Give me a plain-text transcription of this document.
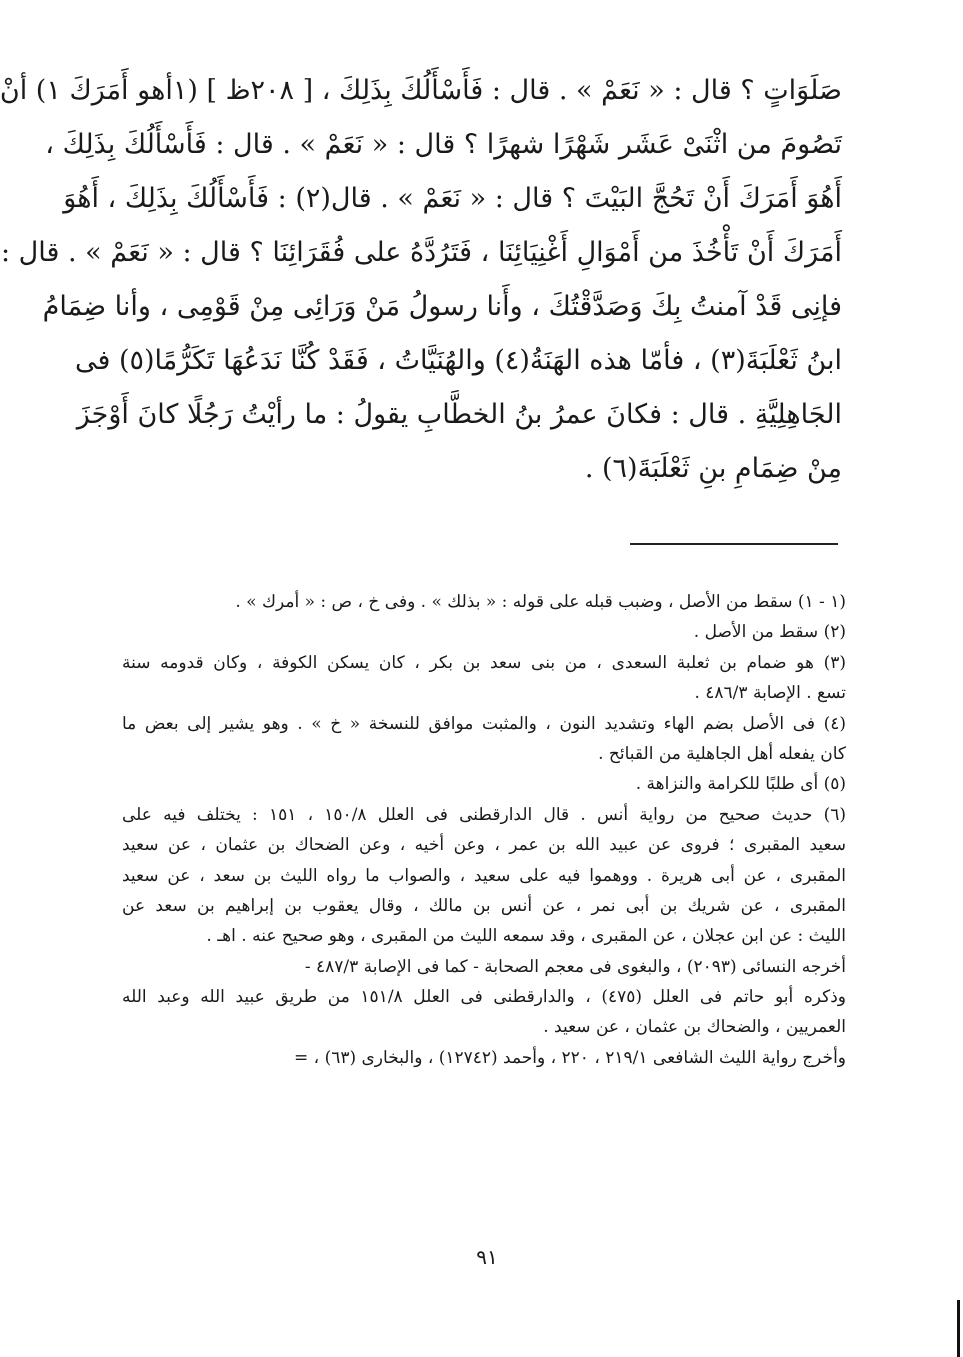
صَلَوَاتٍ ؟ قال : « نَعَمْ » . قال : فَأَسْأَلُكَ بِذَلِكَ ، [ ٢٠٨ظ ] (١أهو أَمَرَكَ ١) أنْ
تَصُومَ من اثْنَىْ عَشَر شَهْرًا شهرًا ؟ قال : « نَعَمْ » . قال : فَأَسْأَلُكَ بِذَلِكَ ،
أَهُوَ أَمَرَكَ أَنْ تَحُجَّ البَيْتَ ؟ قال : « نَعَمْ » . قال(٢) : فَأَسْأَلُكَ بِذَلِكَ ، أَهُوَ
أَمَرَكَ أَنْ تَأْخُذَ من أَمْوَالِ أَغْنِيَائِنَا ، فَتَرُدَّهُ على فُقَرَائِنَا ؟ قال : « نَعَمْ » . قال :
فإنِى قَدْ آمنتُ بِكَ وَصَدَّقْتُكَ ، وأَنا رسولُ مَنْ وَرَائِى مِنْ قَوْمِى ، وأنا ضِمَامُ
ابنُ ثَعْلَبَةَ(٣) ، فأمّا هذه الهَنَةُ(٤) والهُنَيَّاتُ ، فَقَدْ كُنَّا نَدَعُهَا تَكَرُّمًا(٥) فى
الجَاهِلِيَّةِ . قال : فكانَ عمرُ بنُ الخطَّابِ يقولُ : ما رأيْتُ رَجُلًا كانَ أَوْجَزَ
مِنْ ضِمَامِ بنِ ثَعْلَبَةَ(٦) .
(١ - ١) سقط من الأصل ، وضبب قبله على قوله : « بذلك » . وفى خ ، ص : « أمرك » .
(٢) سقط من الأصل .
(٣) هو ضمام بن ثعلبة السعدى ، من بنى سعد بن بكر ، كان يسكن الكوفة ، وكان قدومه سنة
تسع . الإصابة ٤٨٦/٣ .
(٤) فى الأصل بضم الهاء وتشديد النون ، والمثبت موافق للنسخة « خ » . وهو يشير إلى بعض ما
كان يفعله أهل الجاهلية من القبائح .
(٥) أى طلبًا للكرامة والنزاهة .
(٦) حديث صحيح من رواية أنس . قال الدارقطنى فى العلل ١٥٠/٨ ، ١٥١ : يختلف فيه على
سعيد المقبرى ؛ فروى عن عبيد الله بن عمر ، وعن أخيه ، وعن الضحاك بن عثمان ، عن سعيد
المقبرى ، عن أبى هريرة . ووهموا فيه على سعيد ، والصواب ما رواه الليث بن سعد ، عن سعيد
المقبرى ، عن شريك بن أبى نمر ، عن أنس بن مالك ، وقال يعقوب بن إبراهيم بن سعد عن
الليث : عن ابن عجلان ، عن المقبرى ، وقد سمعه الليث من المقبرى ، وهو صحيح عنه . اهـ .
أخرجه النسائى (٢٠٩٣) ، والبغوى فى معجم الصحابة - كما فى الإصابة ٤٨٧/٣ -
وذكره أبو حاتم فى العلل (٤٧٥) ، والدارقطنى فى العلل ١٥١/٨ من طريق عبيد الله وعبد الله
العمريين ، والضحاك بن عثمان ، عن سعيد .
وأخرج رواية الليث الشافعى ٢١٩/١ ، ٢٢٠ ، وأحمد (١٢٧٤٢) ، والبخارى (٦٣) ، =
٩١
